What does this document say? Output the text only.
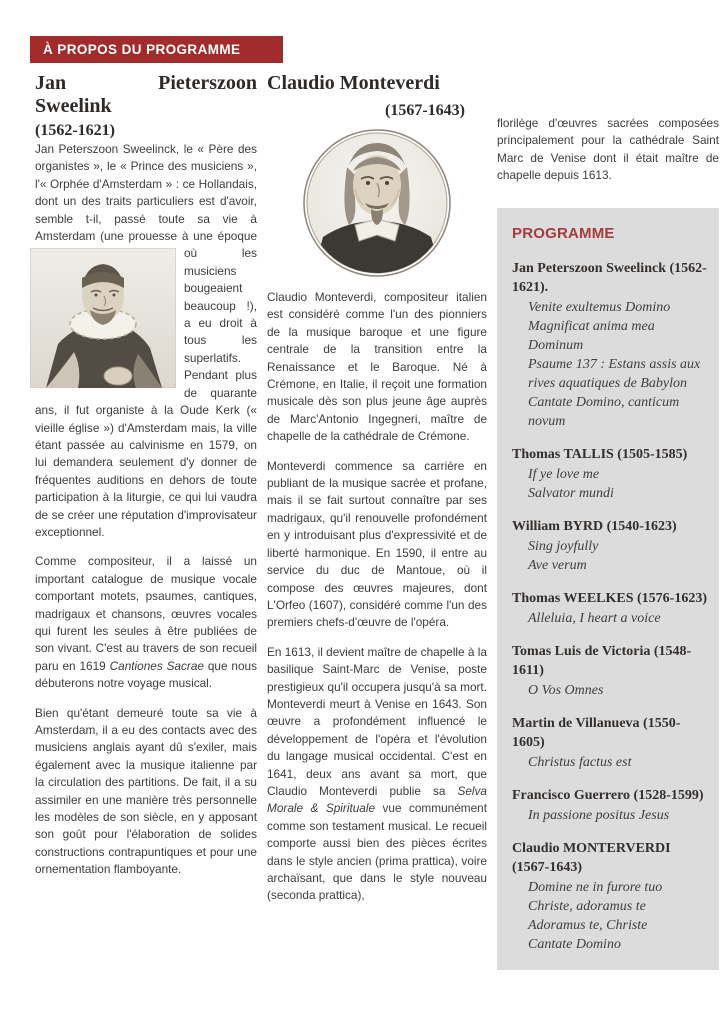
À PROPOS DU PROGRAMME
Jan Pieterszoon
Sweelink
(1562-1621)
Jan Peterszoon Sweelinck, le « Père des organistes », le « Prince des musiciens », l'« Orphée d'Amsterdam » : ce Hollandais, dont un des traits particuliers est d'avoir, semble t-il, passé toute sa vie à Amsterdam (une prouesse à une époque où les musiciens bougeaient beaucoup !), a eu droit à tous les superlatifs. Pendant plus de quarante ans, il fut organiste à la Oude Kerk (« vieille église ») d'Amsterdam mais, la ville étant passée au calvinisme en 1579, on lui demandera seulement d'y donner de fréquentes auditions en dehors de toute participation à la liturgie, ce qui lui vaudra de se créer une réputation d'improvisateur exceptionnel.

Comme compositeur, il a laissé un important catalogue de musique vocale comportant motets, psaumes, cantiques, madrigaux et chansons, œuvres vocales qui furent les seules à être publiées de son vivant. C'est au travers de son recueil paru en 1619 Cantiones Sacrae que nous débuterons notre voyage musical.

Bien qu'étant demeuré toute sa vie à Amsterdam, il a eu des contacts avec des musiciens anglais ayant dû s'exiler, mais également avec la musique italienne par la circulation des partitions. De fait, il a su assimiler en une manière très personnelle les modèles de son siècle, en y apposant son goût pour l'élaboration de solides constructions contrapuntiques et pour une ornementation flamboyante.

Claudio Monteverdi
(1567-1643)

Claudio Monteverdi, compositeur italien est considéré comme l'un des pionniers de la musique baroque et une figure centrale de la transition entre la Renaissance et le Baroque. Né à Crémone, en Italie, il reçoit une formation musicale dès son plus jeune âge auprès de Marc'Antonio Ingegneri, maître de chapelle de la cathédrale de Crémone.

Monteverdi commence sa carrière en publiant de la musique sacrée et profane, mais il se fait surtout connaître par ses madrigaux, qu'il renouvelle profondément en y introduisant plus d'expressivité et de liberté harmonique. En 1590, il entre au service du duc de Mantoue, où il compose des œuvres majeures, dont L'Orfeo (1607), considéré comme l'un des premiers chefs-d'œuvre de l'opéra.

En 1613, il devient maître de chapelle à la basilique Saint-Marc de Venise, poste prestigieux qu'il occupera jusqu'à sa mort. Monteverdi meurt à Venise en 1643. Son œuvre a profondément influencé le développement de l'opéra et l'évolution du langage musical occidental. C'est en 1641, deux ans avant sa mort, que Claudio Monteverdi publie sa Selva Morale & Spirituale vue communément comme son testament musical. Le recueil comporte aussi bien des pièces écrites dans le style ancien (prima prattica), voire archaïsant, que dans le style nouveau (seconda prattica),

florilège d'œuvres sacrées composées principalement pour la cathédrale Saint Marc de Venise dont il était maître de chapelle depuis 1613.

PROGRAMME
Jan Peterszoon Sweelinck (1562-1621).
Venite exultemus Domino
Magnificat anima mea Dominum
Psaume 137 : Estans assis aux rives aquatiques de Babylon
Cantate Domino, canticum novum
Thomas TALLIS (1505-1585)
If ye love me
Salvator mundi
William BYRD (1540-1623)
Sing joyfully
Ave verum
Thomas WEELKES (1576-1623)
Alleluia, I heart a voice
Tomas Luis de Victoria (1548-1611)
O Vos Omnes
Martin de Villanueva (1550-1605)
Christus factus est
Francisco Guerrero (1528-1599)
In passione positus Jesus
Claudio MONTERVERDI (1567-1643)
Domine ne in furore tuo
Christe, adoramus te
Adoramus te, Christe
Cantate Domino
